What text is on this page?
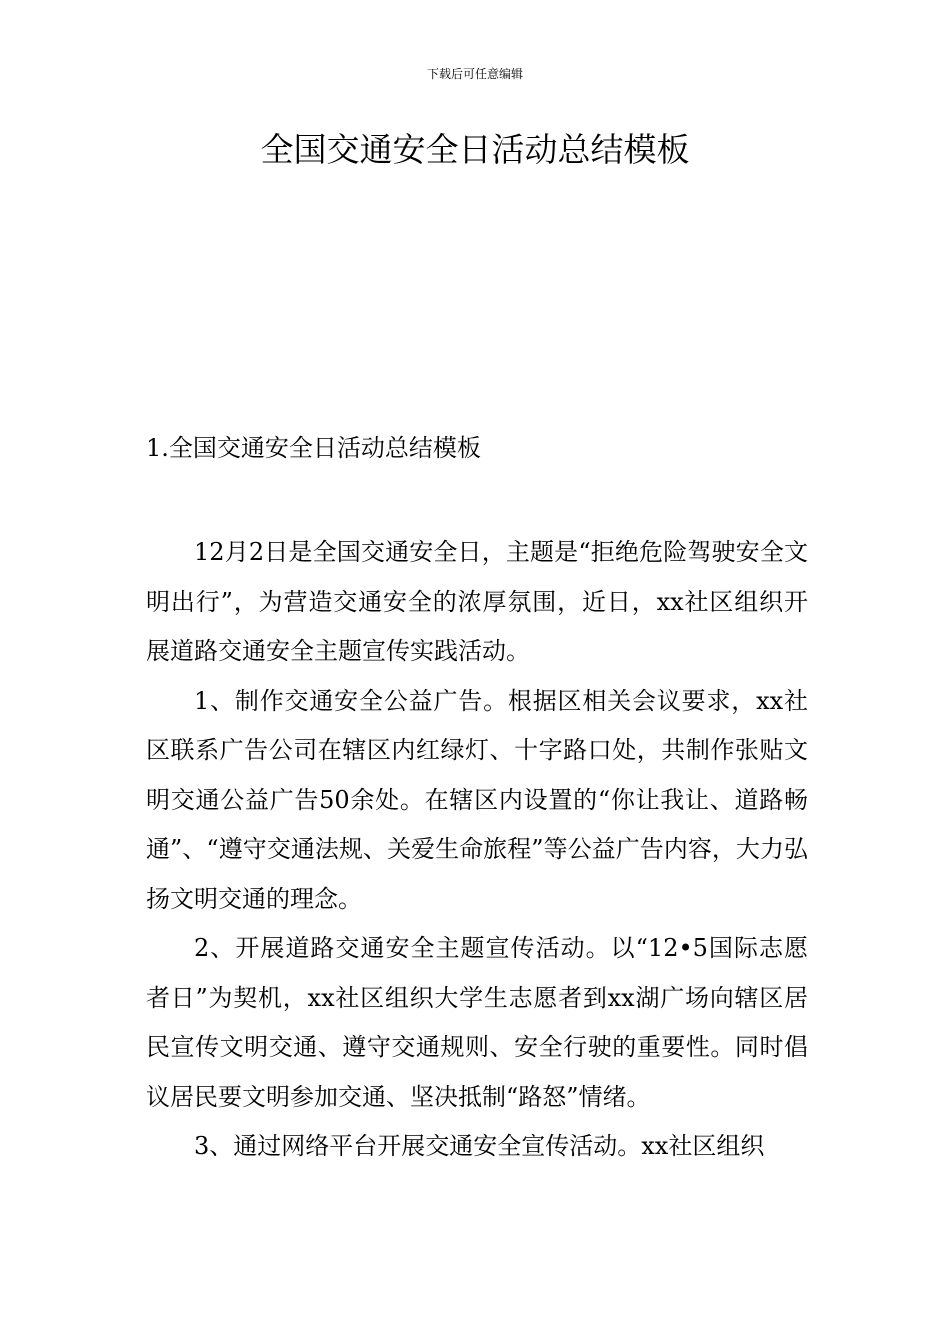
下载后可任意编辑
全国交通安全日活动总结模板
1.全国交通安全日活动总结模板

12月2日是全国交通安全日，主题是“拒绝危险驾驶安全文明出行”，为营造交通安全的浓厚氛围，近日，xx社区组织开展道路交通安全主题宣传实践活动。

1、制作交通安全公益广告。根据区相关会议要求，xx社区联系广告公司在辖区内红绿灯、十字路口处，共制作张贴文明交通公益广告50余处。在辖区内设置的“你让我让、道路畅通”、“遵守交通法规、关爱生命旅程”等公益广告内容，大力弘扬文明交通的理念。

2、开展道路交通安全主题宣传活动。以“12•5国际志愿者日”为契机，xx社区组织大学生志愿者到xx湖广场向辖区居民宣传文明交通、遵守交通规则、安全行驶的重要性。同时倡议居民要文明参加交通、坚决抵制“路怒”情绪。

3、通过网络平台开展交通安全宣传活动。xx社区组织
